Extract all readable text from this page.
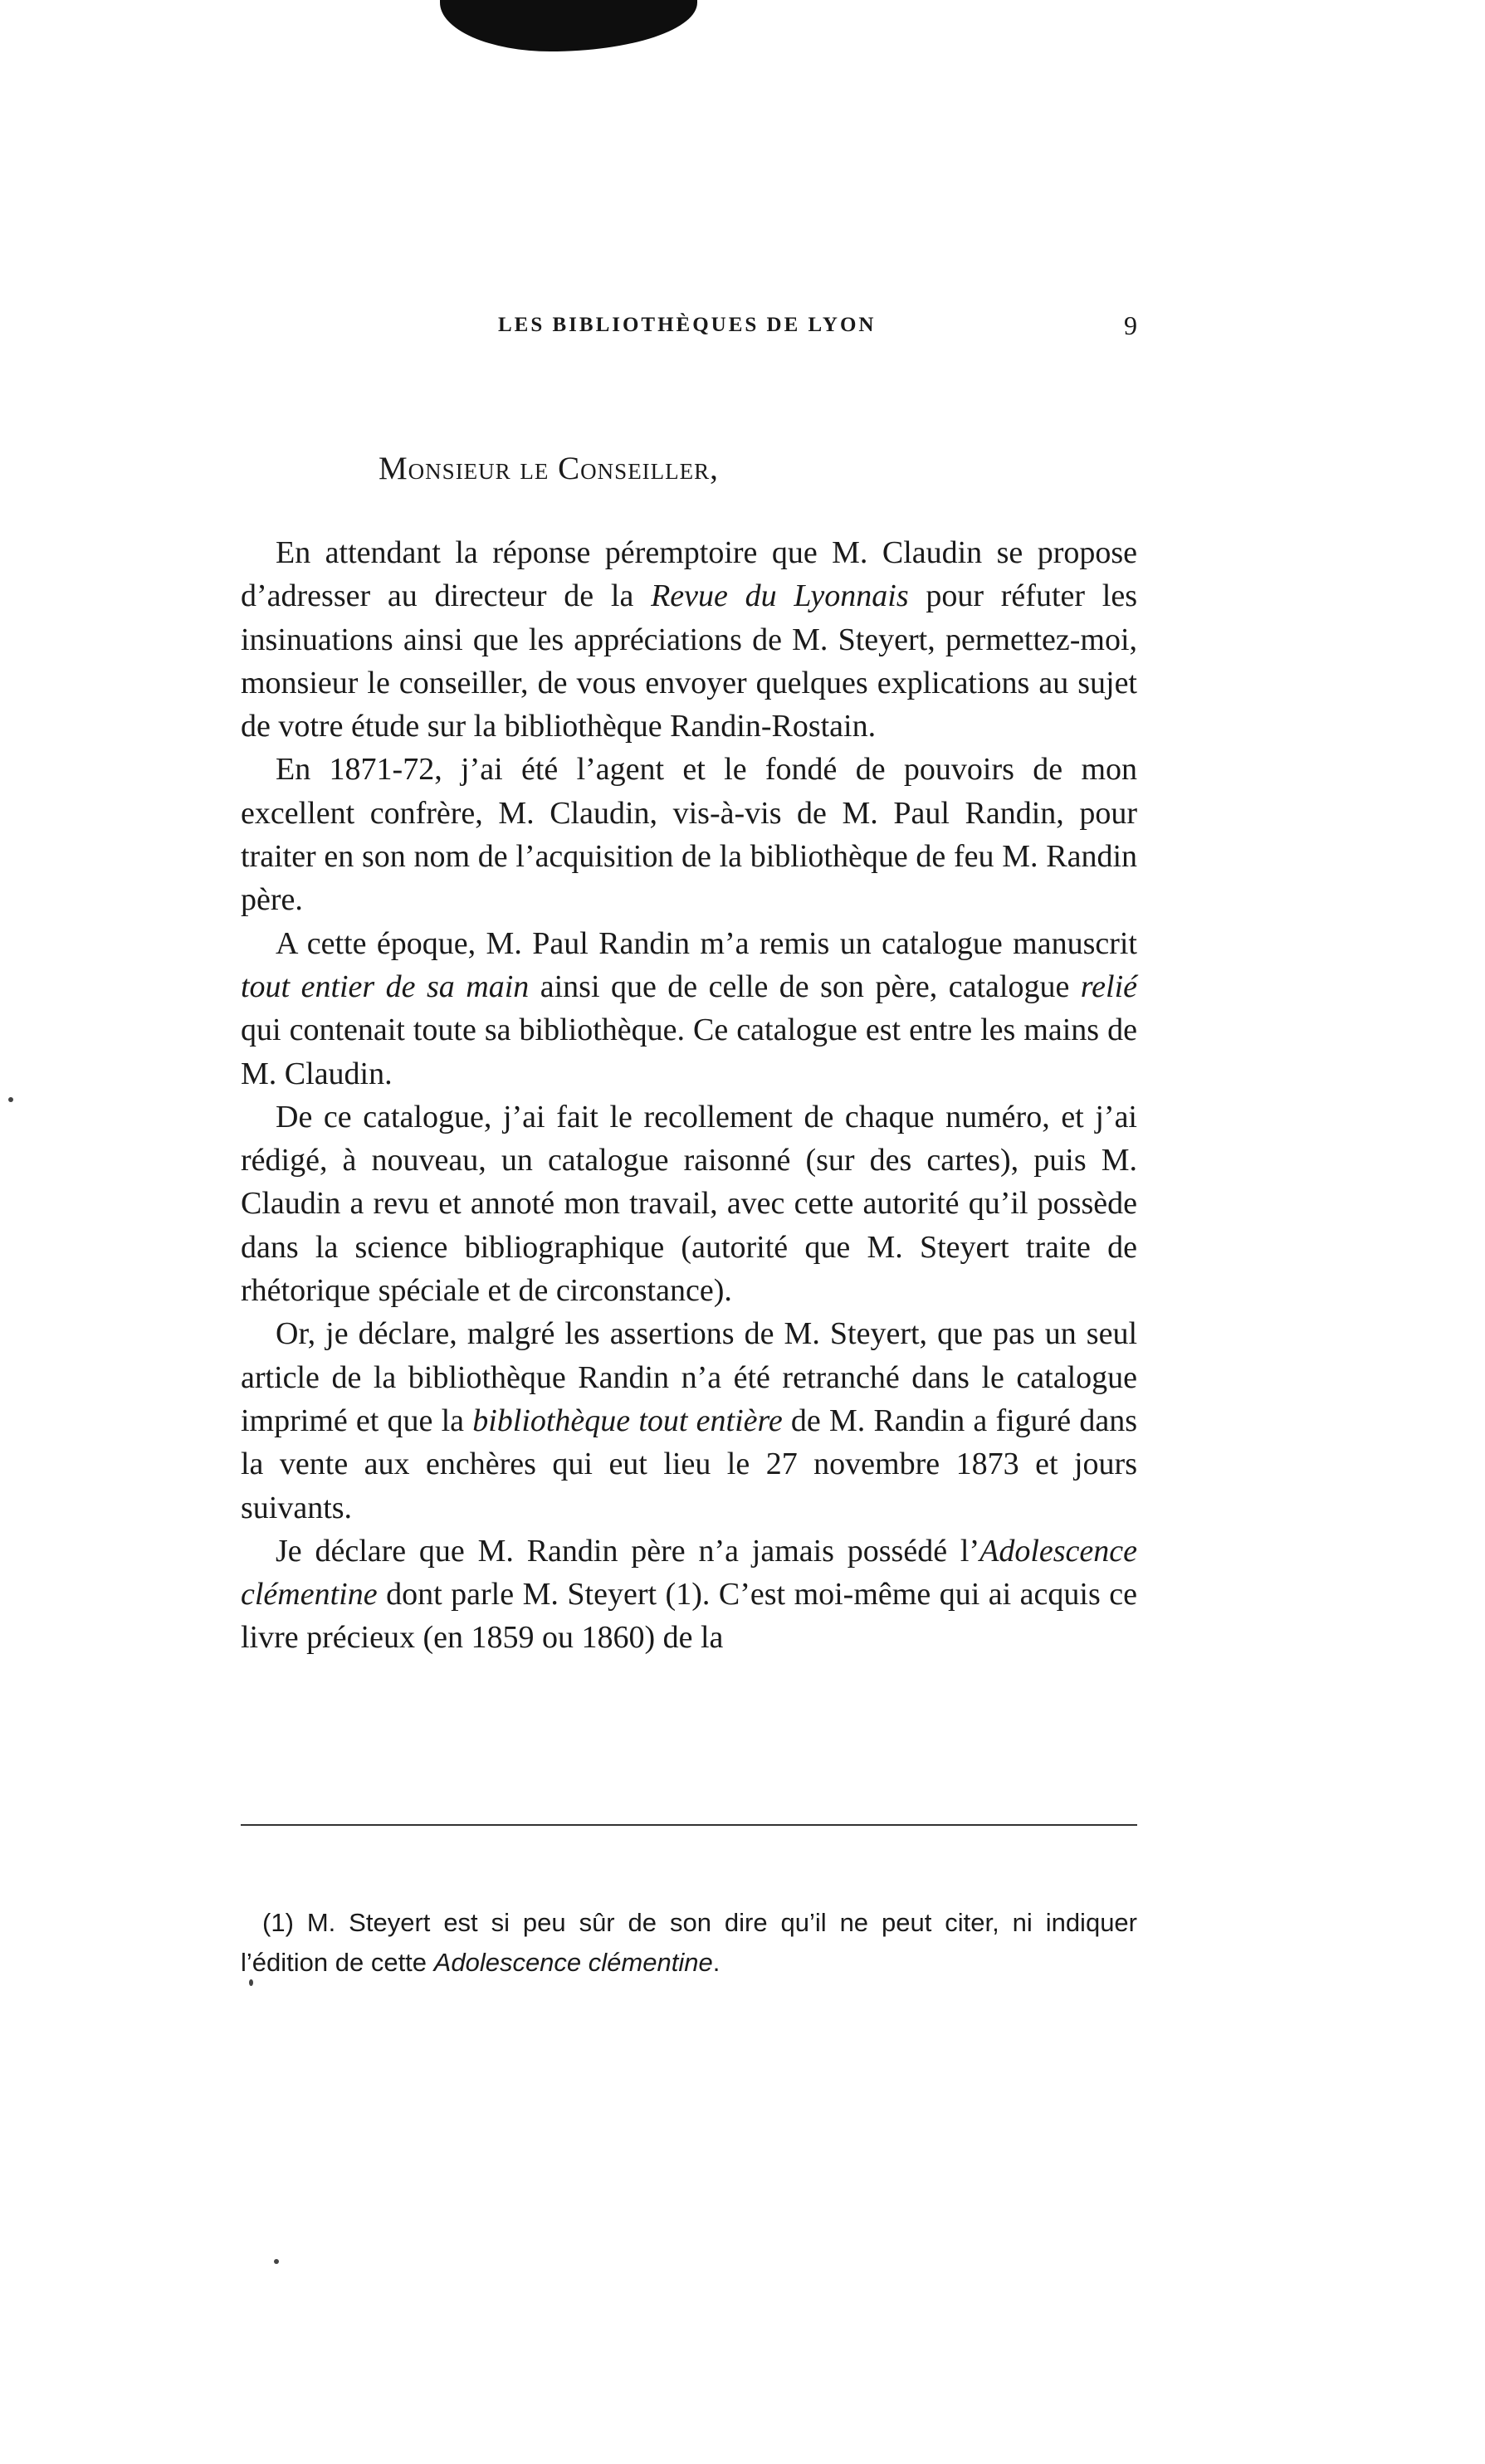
LES BIBLIOTHÈQUES DE LYON	9
Monsieur le Conseiller,

En attendant la réponse péremptoire que M. Claudin se propose d’adresser au directeur de la Revue du Lyonnais pour réfuter les insinuations ainsi que les appréciations de M. Steyert, permettez-moi, monsieur le conseiller, de vous envoyer quelques explications au sujet de votre étude sur la bibliothèque Randin-Rostain.

En 1871-72, j’ai été l’agent et le fondé de pouvoirs de mon excellent confrère, M. Claudin, vis-à-vis de M. Paul Randin, pour traiter en son nom de l’acquisition de la bibliothèque de feu M. Randin père.

A cette époque, M. Paul Randin m’a remis un catalogue manuscrit tout entier de sa main ainsi que de celle de son père, catalogue relié qui contenait toute sa bibliothèque. Ce catalogue est entre les mains de M. Claudin.

De ce catalogue, j’ai fait le recollement de chaque numéro, et j’ai rédigé, à nouveau, un catalogue raisonné (sur des cartes), puis M. Claudin a revu et annoté mon travail, avec cette autorité qu’il possède dans la science bibliographique (autorité que M. Steyert traite de rhétorique spéciale et de circonstance).

Or, je déclare, malgré les assertions de M. Steyert, que pas un seul article de la bibliothèque Randin n’a été retranché dans le catalogue imprimé et que la bibliothèque tout entière de M. Randin a figuré dans la vente aux enchères qui eut lieu le 27 novembre 1873 et jours suivants.

Je déclare que M. Randin père n’a jamais possédé l’Adolescence clémentine dont parle M. Steyert (1). C’est moi-même qui ai acquis ce livre précieux (en 1859 ou 1860) de la

(1) M. Steyert est si peu sûr de son dire qu’il ne peut citer, ni indiquer l’édition de cette Adolescence clémentine.
